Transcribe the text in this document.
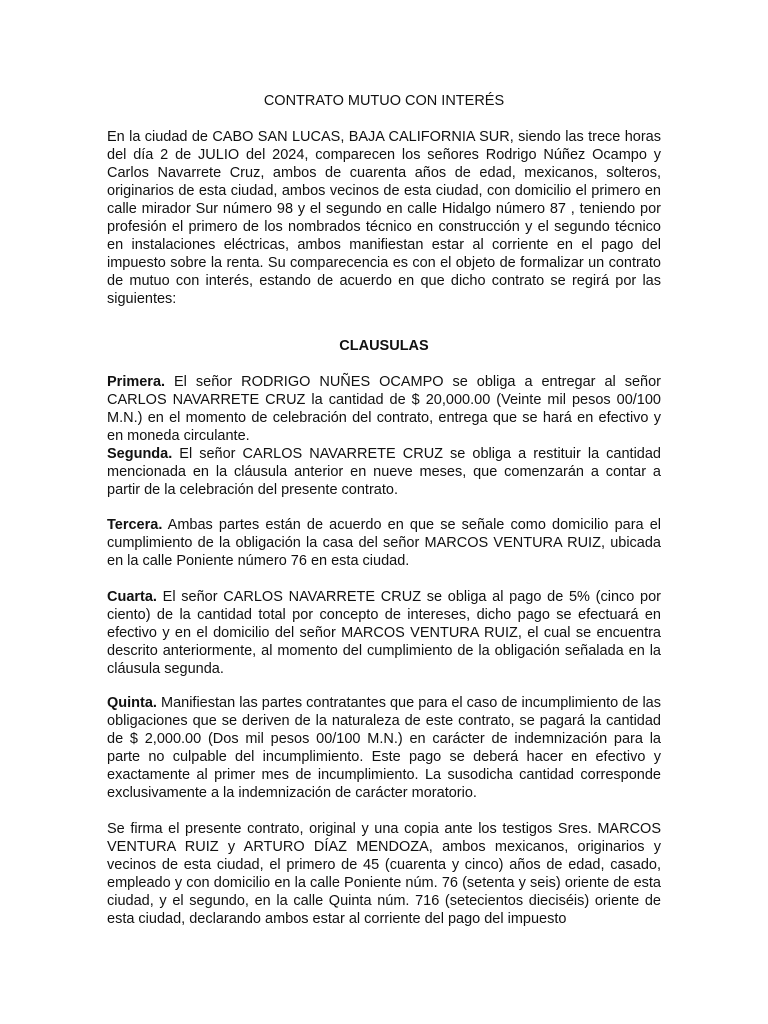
CONTRATO MUTUO CON INTERÉS

En la ciudad de CABO SAN LUCAS, BAJA CALIFORNIA SUR, siendo las trece horas del día 2 de JULIO del 2024, comparecen los señores Rodrigo Núñez Ocampo y Carlos Navarrete Cruz, ambos de cuarenta años de edad, mexicanos, solteros, originarios de esta ciudad, ambos vecinos de esta ciudad, con domicilio el primero en calle mirador Sur número 98 y el segundo en calle Hidalgo número 87 , teniendo por profesión el primero de los nombrados técnico en construcción y el segundo técnico en instalaciones eléctricas, ambos manifiestan estar al corriente en el pago del impuesto sobre la renta. Su comparecencia es con el objeto de formalizar un contrato de mutuo con interés, estando de acuerdo en que dicho contrato se regirá por las siguientes:

CLAUSULAS

Primera. El señor RODRIGO NUÑES OCAMPO se obliga a entregar al señor CARLOS NAVARRETE CRUZ la cantidad de $ 20,000.00 (Veinte mil pesos 00/100 M.N.) en el momento de celebración del contrato, entrega que se hará en efectivo y en moneda circulante.

Segunda. El señor CARLOS NAVARRETE CRUZ se obliga a restituir la cantidad mencionada en la cláusula anterior en nueve meses, que comenzarán a contar a partir de la celebración del presente contrato.

Tercera. Ambas partes están de acuerdo en que se señale como domicilio para el cumplimiento de la obligación la casa del señor MARCOS VENTURA RUIZ, ubicada en la calle Poniente número 76 en esta ciudad.

Cuarta. El señor CARLOS NAVARRETE CRUZ se obliga al pago de 5% (cinco por ciento) de la cantidad total por concepto de intereses, dicho pago se efectuará en efectivo y en el domicilio del señor MARCOS VENTURA RUIZ, el cual se encuentra descrito anteriormente, al momento del cumplimiento de la obligación señalada en la cláusula segunda.

Quinta. Manifiestan las partes contratantes que para el caso de incumplimiento de las obligaciones que se deriven de la naturaleza de este contrato, se pagará la cantidad de $ 2,000.00 (Dos mil pesos 00/100 M.N.) en carácter de indemnización para la parte no culpable del incumplimiento. Este pago se deberá hacer en efectivo y exactamente al primer mes de incumplimiento. La susodicha cantidad corresponde exclusivamente a la indemnización de carácter moratorio.

Se firma el presente contrato, original y una copia ante los testigos Sres. MARCOS VENTURA RUIZ y ARTURO DÍAZ MENDOZA, ambos mexicanos, originarios y vecinos de esta ciudad, el primero de 45 (cuarenta y cinco) años de edad, casado, empleado y con domicilio en la calle Poniente núm. 76 (setenta y seis) oriente de esta ciudad, y el segundo, en la calle Quinta núm. 716 (setecientos dieciséis) oriente de esta ciudad, declarando ambos estar al corriente del pago del impuesto
